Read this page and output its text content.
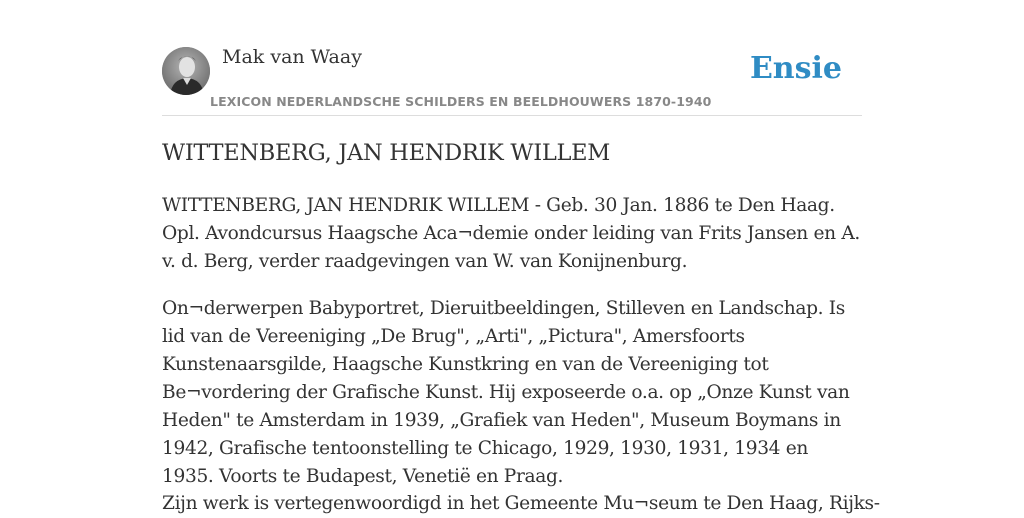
Mak van Waay
LEXICON NEDERLANDSCHE SCHILDERS EN BEELDHOUWERS 1870-1940
Ensie
WITTENBERG, JAN HENDRIK WILLEM

WITTENBERG, JAN HENDRIK WILLEM - Geb. 30 Jan. 1886 te Den Haag. Opl. Avondcursus Haagsche Aca¬demie onder leiding van Frits Jansen en A. v. d. Berg, verder raadgevingen van W. van Konijnenburg.

On¬derwerpen Babyportret, Dieruitbeeldingen, Stilleven en Landschap. Is lid van de Vereeniging „De Brug", „Arti", „Pictura", Amersfoorts Kunstenaarsgilde, Haagsche Kunstkring en van de Vereeniging tot Be¬vordering der Grafische Kunst. Hij exposeerde o.a. op „Onze Kunst van Heden" te Amsterdam in 1939, „Grafiek van Heden", Museum Boymans in 1942, Grafische tentoonstelling te Chicago, 1929, 1930, 1931, 1934 en 1935. Voorts te Budapest, Venetië en Praag.

Zijn werk is vertegenwoordigd in het Gemeente Mu¬seum te Den Haag, Rijks-
